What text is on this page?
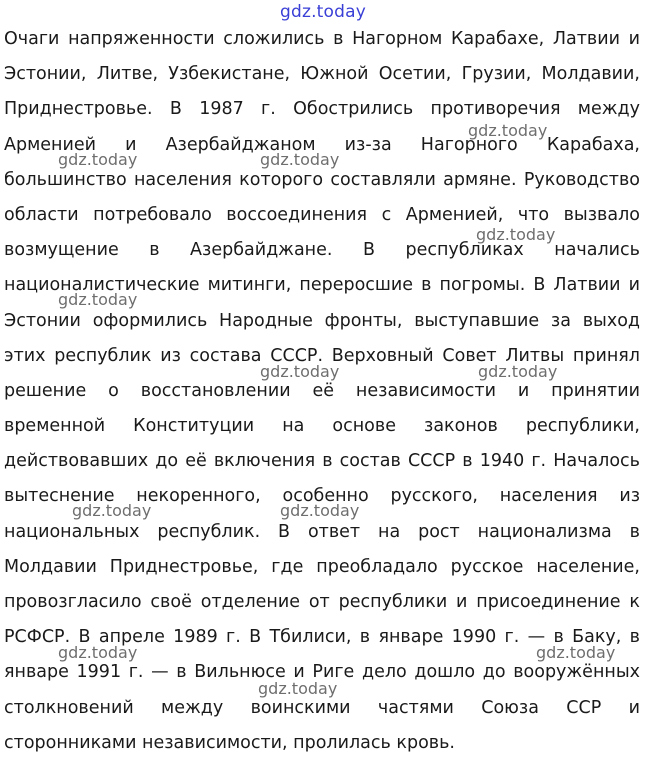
gdz.today
Очаги напряженности сложились в Нагорном Карабахе, Латвии и
Эстонии, Литве, Узбекистане, Южной Осетии, Грузии, Молдавии,
Приднестровье. В 1987 г. Обострились противоречия между
Арменией и Азербайджаном из-за Нагорного Карабаха,
большинство населения которого составляли армяне. Руководство
области потребовало воссоединения с Арменией, что вызвало
возмущение в Азербайджане. В республиках начались
националистические митинги, переросшие в погромы. В Латвии и
Эстонии оформились Народные фронты, выступавшие за выход
этих республик из состава СССР. Верховный Совет Литвы принял
решение о восстановлении её независимости и принятии
временной Конституции на основе законов республики,
действовавших до её включения в состав СССР в 1940 г. Началось
вытеснение некоренного, особенно русского, населения из
национальных республик. В ответ на рост национализма в
Молдавии Приднестровье, где преобладало русское население,
провозгласило своё отделение от республики и присоединение к
РСФСР. В апреле 1989 г. В Тбилиси, в январе 1990 г. — в Баку, в
январе 1991 г. — в Вильнюсе и Риге дело дошло до вооружённых
столкновений между воинскими частями Союза ССР и
сторонниками независимости, пролилась кровь.
gdz.today
gdz.today	gdz.today
gdz.today
gdz.today
gdz.today	gdz.today
gdz.today	gdz.today
gdz.today	gdz.today
gdz.today
